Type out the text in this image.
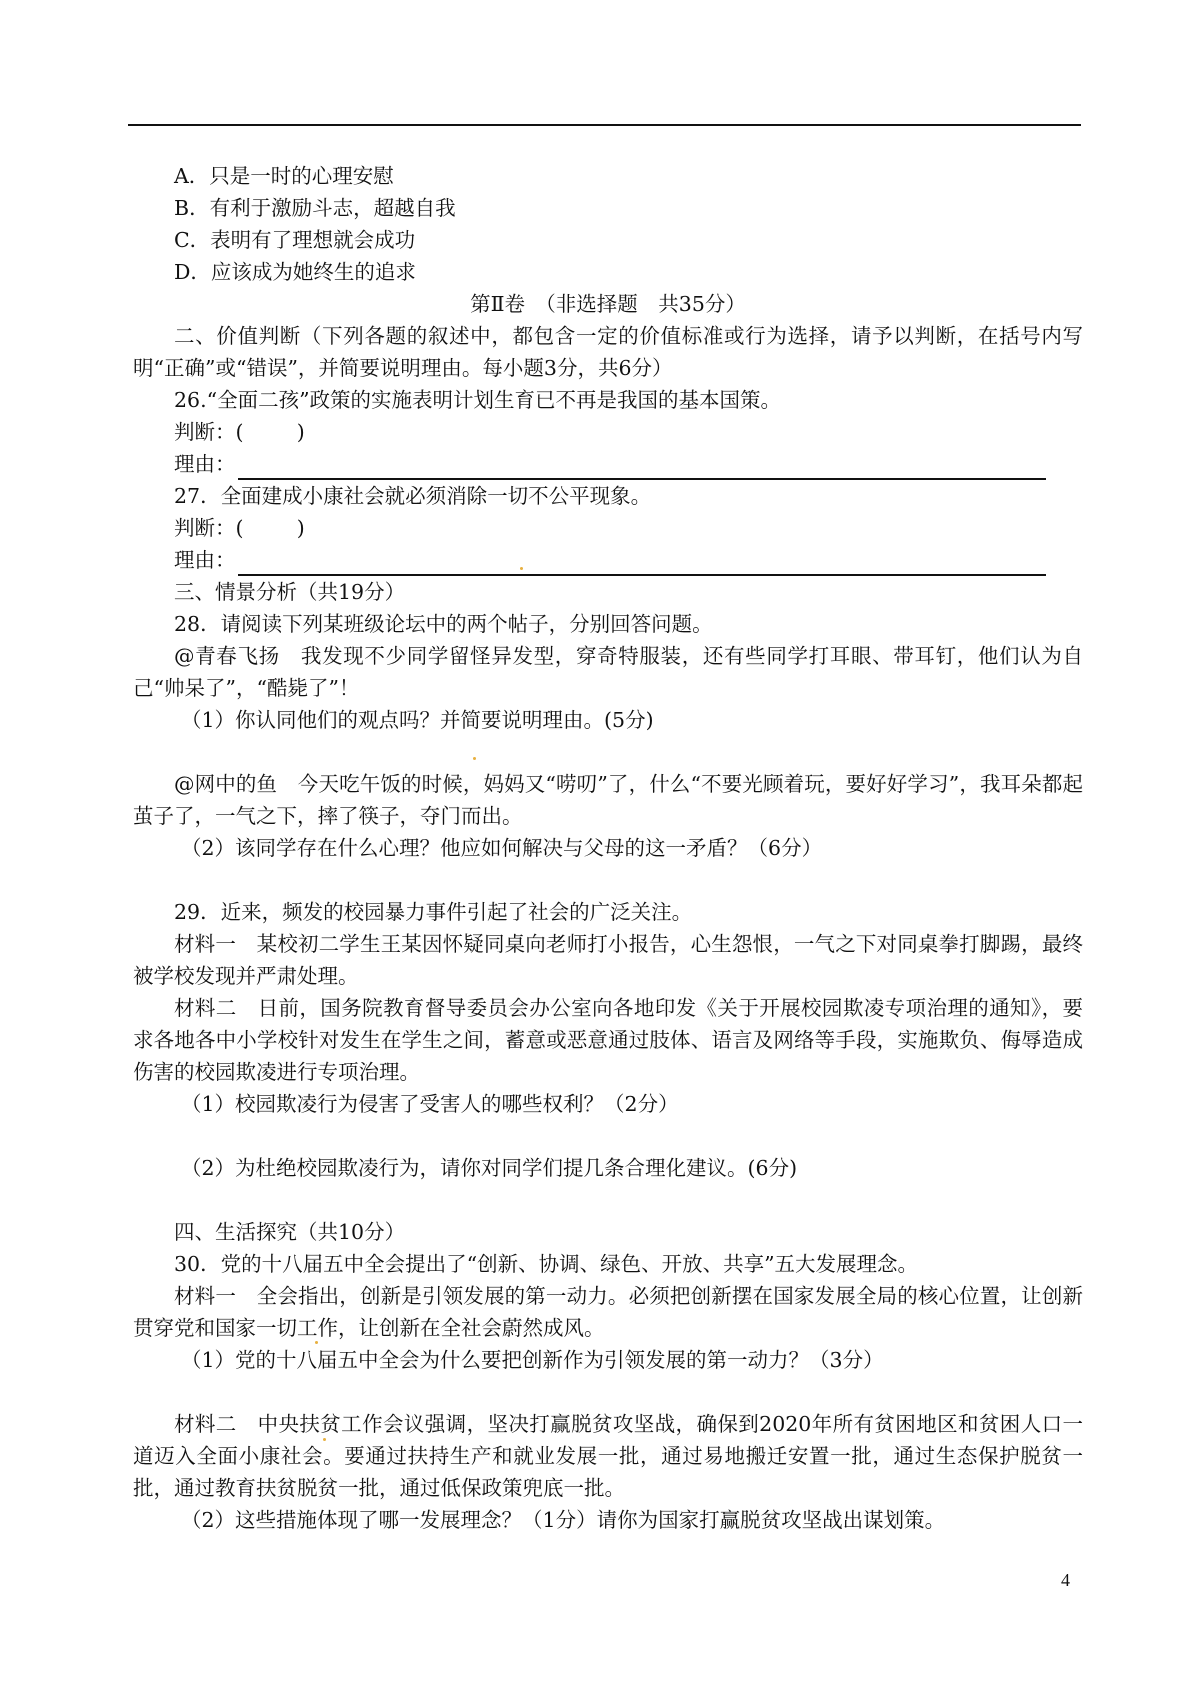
A．只是一时的心理安慰
B．有利于激励斗志，超越自我
C．表明有了理想就会成功
D．应该成为她终生的追求
第Ⅱ卷　（非选择题　共35分）
二、价值判断（下列各题的叙述中，都包含一定的价值标准或行为选择，请予以判断，在括号内写明“正确”或“错误”，并简要说明理由。每小题3分，共6分）
26.“全面二孩”政策的实施表明计划生育已不再是我国的基本国策。
判断：(	)
理由：
27．全面建成小康社会就必须消除一切不公平现象。
判断：(	)
理由：
三、情景分析（共19分）
28．请阅读下列某班级论坛中的两个帖子，分别回答问题。
@青春飞扬　我发现不少同学留怪异发型，穿奇特服装，还有些同学打耳眼、带耳钉，他们认为自己“帅呆了”，“酷毙了”！
（1）你认同他们的观点吗？并简要说明理由。(5分)
@网中的鱼　今天吃午饭的时候，妈妈又“唠叨”了，什么“不要光顾着玩，要好好学习”，我耳朵都起茧子了，一气之下，摔了筷子，夺门而出。
（2）该同学存在什么心理？他应如何解决与父母的这一矛盾？（6分）
29．近来，频发的校园暴力事件引起了社会的广泛关注。
材料一　某校初二学生王某因怀疑同桌向老师打小报告，心生怨恨，一气之下对同桌拳打脚踢，最终被学校发现并严肃处理。
材料二　日前，国务院教育督导委员会办公室向各地印发《关于开展校园欺凌专项治理的通知》，要求各地各中小学校针对发生在学生之间，蓄意或恶意通过肢体、语言及网络等手段，实施欺负、侮辱造成伤害的校园欺凌进行专项治理。
（1）校园欺凌行为侵害了受害人的哪些权利？（2分）
（2）为杜绝校园欺凌行为，请你对同学们提几条合理化建议。(6分)
四、生活探究（共10分）
30．党的十八届五中全会提出了“创新、协调、绿色、开放、共享”五大发展理念。
材料一　全会指出，创新是引领发展的第一动力。必须把创新摆在国家发展全局的核心位置，让创新贯穿党和国家一切工作，让创新在全社会蔚然成风。
（1）党的十八届五中全会为什么要把创新作为引领发展的第一动力？（3分）
材料二　中央扶贫工作会议强调，坚决打赢脱贫攻坚战，确保到2020年所有贫困地区和贫困人口一道迈入全面小康社会。要通过扶持生产和就业发展一批，通过易地搬迁安置一批，通过生态保护脱贫一批，通过教育扶贫脱贫一批，通过低保政策兜底一批。
（2）这些措施体现了哪一发展理念？（1分）请你为国家打赢脱贫攻坚战出谋划策。
4
